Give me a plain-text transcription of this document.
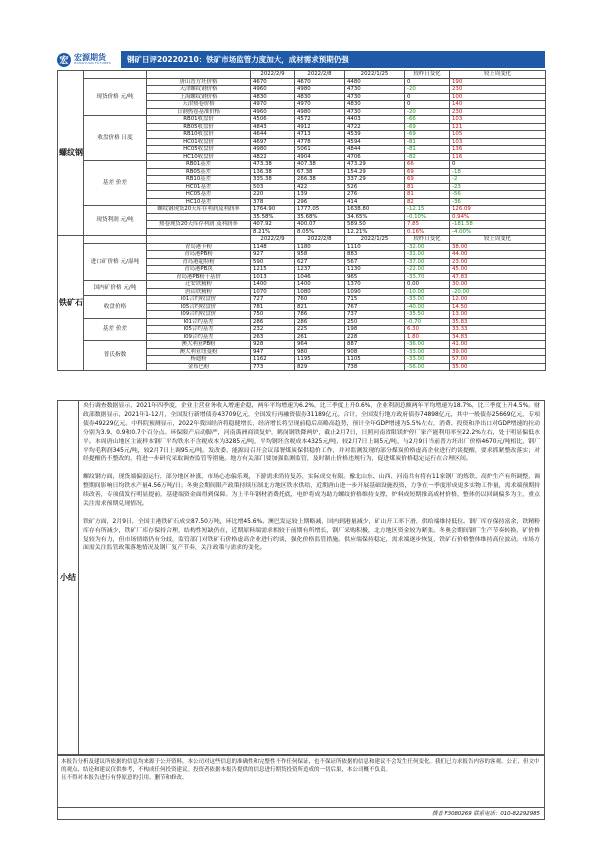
宏 宏源期货
HONGYUAN FUTURES	钢矿日评20220210：铁矿市场监管力度加大，成材需求预期仍强
螺纹钢			2022/2/9	2022/2/8	2022/1/25	较昨日变化	较上周变化
	现货价格 元/吨	唐山普方坯价格	4670	4670	4480	0	190
		天津螺纹钢价格	4960	4980	4730	-20	230
		上海螺纹钢价格	4830	4830	4730	0	100
		天津热卷价格	4970	4970	4830	0	140
		日钢热卷基准价格	4960	4980	4730	-20	230
	收盘价格 日度	RB01收盘价	4506	4572	4403	-66	103
		RB05收盘价	4843	4912	4722	-69	121
		RB10收盘价	4644	4713	4539	-69	105
		HC01收盘价	4697	4778	4594	-81	103
		HC05收盘价	4980	5061	4844	-81	136
		HC10收盘价	4822	4904	4706	-82	116
	基差 价差	RB01基差	473.38	407.38	473.29	66	0
		RB05基差	136.38	67.38	154.29	69	-18
		RB10基差	335.38	266.38	337.29	69	-2
		HC01基差	503	422	526	81	-23
		HC05基差	220	139	276	81	-56
		HC10基差	378	296	414	82	-36
	现货利润 元/吨	螺纹钢现货20天库存利润及利润率	1764.90	1777.05	1638.80	-12.15	126.09
			35.58%	35.68%	34.65%	-0.10%	0.94%
		热卷现货20天库存利润 及利润率	407.92	400.07	589.50	7.85	-181.58
			8.21%	8.05%	12.21%	0.16%	-4.00%
铁矿石			2022/2/9	2022/2/8	2022/1/25	较昨日变化	较上周变化
	进口矿价格 元/湿吨	青岛港卡粉	1148	1180	1110	-32.00	38.00
		青岛港PB粉	927	958	883	-31.00	44.00
		青岛港超特粉	590	627	567	-37.00	23.00
		青岛港PB块	1215	1237	1130	-22.00	45.00
		青岛港PB粉干基价	1013	1046	965	-33.70	47.83
	国内矿价格 元/吨	迁安铁精粉	1400	1400	1370	0.00	30.00
		唐山铁精粉	1070	1080	1090	-10.00	-20.00
	收盘价格	I01合约收盘价	727	760	715	-33.00	12.00
		I05合约收盘价	781	821	767	-40.00	14.50
		I09合约收盘价	750	786	737	-35.50	13.00
	基差 价差	I01合约基差	286	286	250	-0.70	35.83
		I05合约基差	232	225	198	6.30	33.33
		I09合约基差	263	261	228	1.80	34.83
	普氏指数	澳大利亚PB粉	928	964	887	-36.00	41.00
		澳大利亚纽曼粉	947	980	908	-33.00	39.00
		杨迪粉	1162	1195	1105	-33.00	57.00
		金布巴粉	773	829	738	-56.00	35.00
小结

央行调查数据显示，2021年四季度，企业主营业务收入增速企稳，两年平均增速为6.2%，比三季度上升0.6%，企业利润总额两年平均增速为18.7%，比三季度上升4.5%。财政部数据显示，2021年1-12月，全国发行新增债券43709亿元，全国发行再融资债券31189亿元。合计，全国发行地方政府债券74898亿元，其中一般债券25669亿元，专项债券49229亿元。中科院预测显示，2022年我国经济将稳健增长，经济增长将呈现前稳后高略高趋势，预计全年GDP增速为5.5%左右，消费、投资和净出口对GDP增速的拉动分别为3.9、0.9和0.7个百分点。环保限产启动脚严，河南禹洲商镁复炉，鹤岗钢铁降两炉，截止2月7日，日照河南省限镁炉停厂家产能利用率至22.2%左右，处于明显偏低水平。本周唐山地区主流样本钢厂平均铁水不含税成本为3285元/吨，平均钢坯含税成本4325元/吨，较2月7日上调5元/吨，与2月9日当前普方坯出厂价格4670元/吨相比，钢厂平均毛利润345元/吨，较2月7日上调95元/吨。发改委、能源局召开会议部署煤炭保供稳价工作，并对监测发现的部分煤炭价格虚高企业进行约谈提醒，要求抓紧整改落实；对经提醒仍不整改的，将进一步研究采取调查监管等措施。地方有关部门要加强监测监管，及时制止价格违规行为，促进煤炭价格稳定运行在合理区间。

螺纹钢方面，现货端偏弱运行，部分地区补涨，市场心态偏乐观，下游需求尚待复苏，实际成交有限。豫北山东、山西、河南共有将有11家钢厂的炼铁、高炉生产有所调整，调整期间影响日均铁水产量4.56万吨/日；冬奥会期间限产政策持续压制北方地区铁水供给，近期唐山进一步开展基础设施投资，力争在一季度形成更多实物工作量，需求端预期持续改善，专项债发行明显提前，基建端资金面得到保障。为上半年钢材消费托底，电炉将成为助力螺纹价格维持支撑，炉料成短期推高成材价格，整体仍以回调偏多为主，重点关注需求预期兑现情况。

铁矿方面，2月9日，全国主港铁矿石成交87.50万吨，环比增45.6%。澳巴发运较上期略减，国内到港量减少，矿山开工率下滑，供给端维持低位。钢厂库存保持富余，铁精粉库存有所减少，铁矿厂库存保持合理，结构性短缺仍在，近期原料端需求相较于前期有所增长，钢厂采购积极，北方地区资金较为紧张。冬奥会期间钢厂生产节奏转换，矿价修复较为有力，但市场情绪仍有分歧，监管部门对铁矿石价格虚高企业进行约谈，强化价格监管措施。供应端保持稳定，需求端逐步恢复，铁矿石价格整体维持高位波动。市场方面需关注监管政策落地情况及钢厂复产节奏，关注政策与需求的变化。

本报告分析及建议所依据的信息均来源于公开资料，本公司对这些信息的准确性和完整性不作任何保证，也不保证所依据的信息和建议不会发生任何变化。我们已力求报告内容的客观、公正，但文中的观点、结论和建议仅供参考，不构成任何投资建议。投资者依据本报告提供的信息进行期货投资所造成的一切后果，本公司概不负责。
且不得对本报告进行有悖原意的引用、删节和修改。
撰者 F3080269 联系电话：010-82292985
